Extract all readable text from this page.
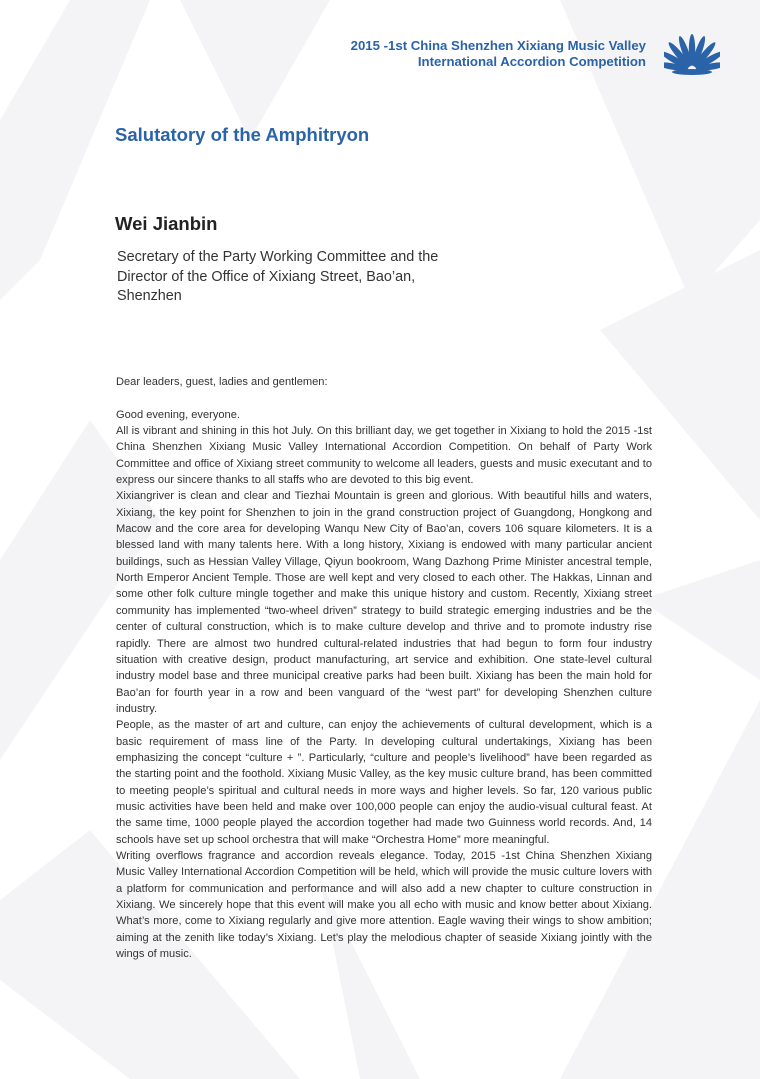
2015 -1st China Shenzhen Xixiang Music Valley
International Accordion Competition
Salutatory of the Amphitryon
Wei Jianbin
Secretary of the Party Working Committee and the Director of the Office of Xixiang Street, Bao’an, Shenzhen

Dear leaders, guest, ladies and gentlemen:

Good evening, everyone.

All is vibrant and shining in this hot July. On this brilliant day, we get together in Xixiang to hold the 2015 -1st China Shenzhen Xixiang Music Valley International Accordion Competition. On behalf of Party Work Committee and office of Xixiang street community to welcome all leaders, guests and music executant and to express our sincere thanks to all staffs who are devoted to this big event.

Xixiangriver is clean and clear and Tiezhai Mountain is green and glorious. With beautiful hills and waters, Xixiang, the key point for Shenzhen to join in the grand construction project of Guangdong, Hongkong and Macow and the core area for developing Wanqu New City of Bao’an, covers 106 square kilometers. It is a blessed land with many talents here. With a long history, Xixiang is endowed with many particular ancient buildings, such as Hessian Valley Village, Qiyun bookroom, Wang Dazhong Prime Minister ancestral temple, North Emperor Ancient Temple. Those are well kept and very closed to each other. The Hakkas, Linnan and some other folk culture mingle together and make this unique history and custom. Recently, Xixiang street community has implemented “two-wheel driven” strategy to build strategic emerging industries and be the center of cultural construction, which is to make culture develop and thrive and to promote industry rise rapidly. There are almost two hundred cultural-related industries that had begun to form four industry situation with creative design, product manufacturing, art service and exhibition. One state-level cultural industry model base and three municipal creative parks had been built. Xixiang has been the main hold for Bao’an for fourth year in a row and been vanguard of the “west part” for developing Shenzhen culture industry.

People, as the master of art and culture, can enjoy the achievements of cultural development, which is a basic requirement of mass line of the Party. In developing cultural undertakings, Xixiang has been emphasizing the concept “culture + ”. Particularly, “culture and people’s livelihood” have been regarded as the starting point and the foothold. Xixiang Music Valley, as the key music culture brand, has been committed to meeting people’s spiritual and cultural needs in more ways and higher levels. So far, 120 various public music activities have been held and make over 100,000 people can enjoy the audio-visual cultural feast. At the same time, 1000 people played the accordion together had made two Guinness world records. And, 14 schools have set up school orchestra that will make “Orchestra Home” more meaningful.

Writing overflows fragrance and accordion reveals elegance. Today, 2015 -1st China Shenzhen Xixiang Music Valley International Accordion Competition will be held, which will provide the music culture lovers with a platform for communication and performance and will also add a new chapter to culture construction in Xixiang. We sincerely hope that this event will make you all echo with music and know better about Xixiang. What’s more, come to Xixiang regularly and give more attention. Eagle waving their wings to show ambition; aiming at the zenith like today’s Xixiang. Let’s play the melodious chapter of seaside Xixiang jointly with the wings of music.
